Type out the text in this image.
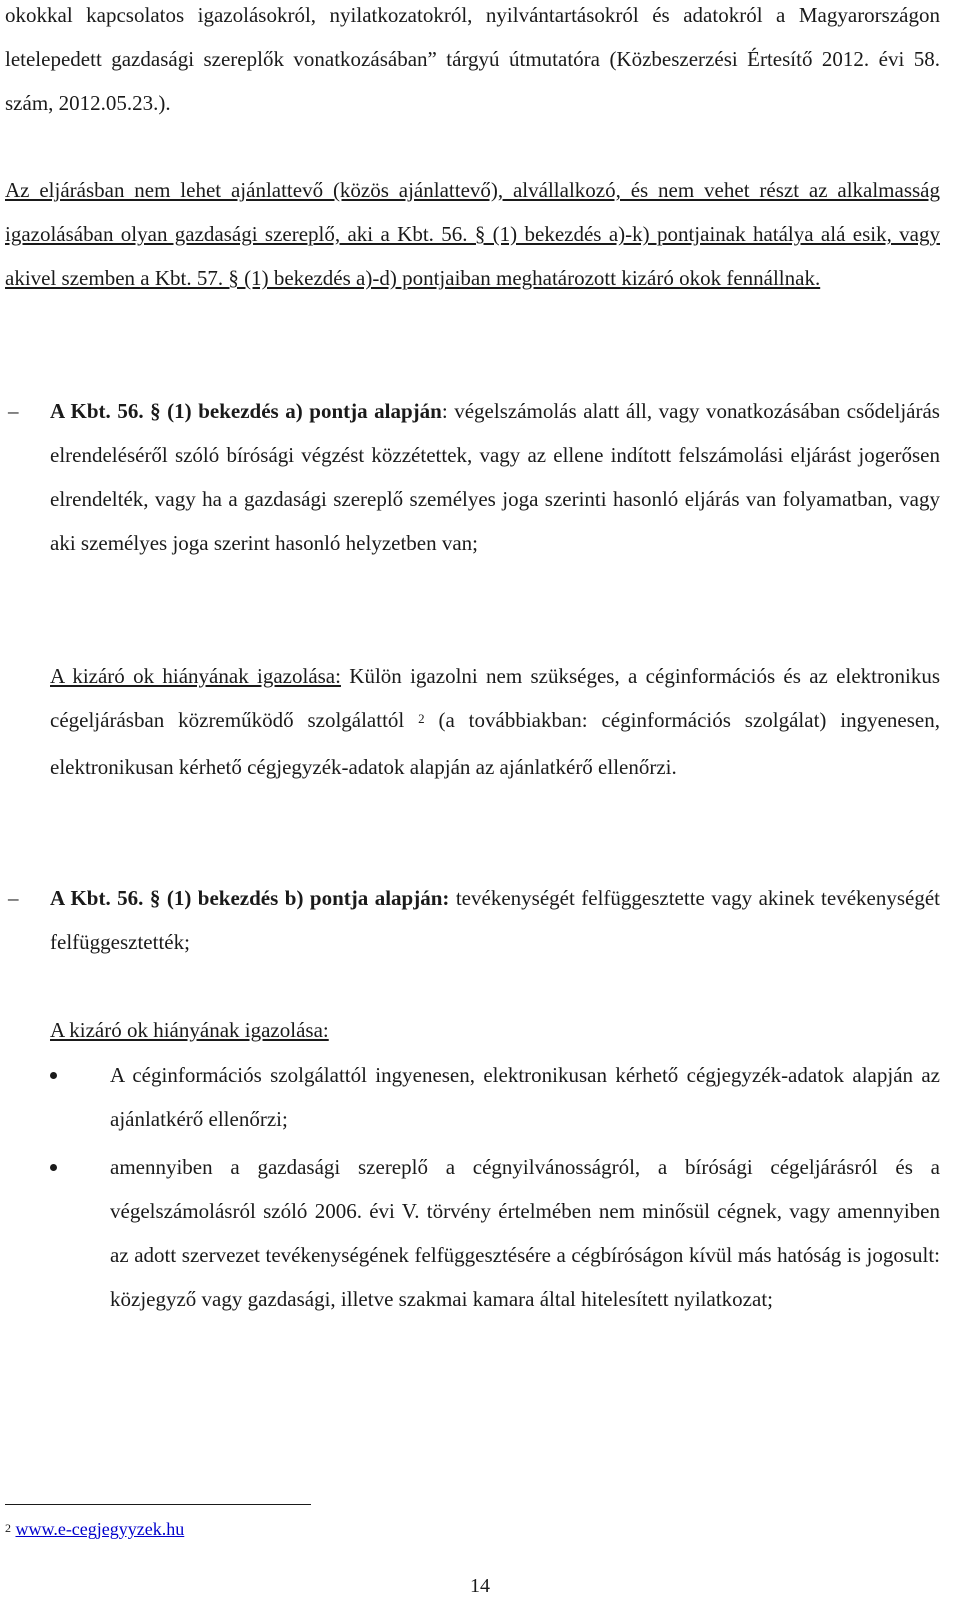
okokkal kapcsolatos igazolásokról, nyilatkozatokról, nyilvántartásokról és adatokról a Magyarországon letelepedett gazdasági szereplők vonatkozásában” tárgyú útmutatóra (Közbeszerzési Értesítő 2012. évi 58. szám, 2012.05.23.).

Az eljárásban nem lehet ajánlattevő (közös ajánlattevő), alvállalkozó, és nem vehet részt az alkalmasság igazolásában olyan gazdasági szereplő, aki a Kbt. 56. § (1) bekezdés a)-k) pontjainak hatálya alá esik, vagy akivel szemben a Kbt. 57. § (1) bekezdés a)-d) pontjaiban meghatározott kizáró okok fennállnak.

– A Kbt. 56. § (1) bekezdés a) pontja alapján: végelszámolás alatt áll, vagy vonatkozásában csődeljárás elrendeléséről szóló bírósági végzést közzétettek, vagy az ellene indított felszámolási eljárást jogerősen elrendelték, vagy ha a gazdasági szereplő személyes joga szerinti hasonló eljárás van folyamatban, vagy aki személyes joga szerint hasonló helyzetben van;
A kizáró ok hiányának igazolása: Külön igazolni nem szükséges, a céginformációs és az elektronikus cégeljárásban közreműködő szolgálattól $^2$ (a továbbiakban: céginformációs szolgálat) ingyenesen, elektronikusan kérhető cégjegyzék-adatok alapján az ajánlatkérő ellenőrzi.
– A Kbt. 56. § (1) bekezdés b) pontja alapján: tevékenységét felfüggesztette vagy akinek tevékenységét felfüggesztették;

A kizáró ok hiányának igazolása:

A céginformációs szolgálattól ingyenesen, elektronikusan kérhető cégjegyzék-adatok alapján az ajánlatkérő ellenőrzi;
amennyiben a gazdasági szereplő a cégnyilvánosságról, a bírósági cégeljárásról és a végelszámolásról szóló 2006. évi V. törvény értelmében nem minősül cégnek, vagy amennyiben az adott szervezet tevékenységének felfüggesztésére a cégbíróságon kívül más hatóság is jogosult: közjegyző vagy gazdasági, illetve szakmai kamara által hitelesített nyilatkozat;
$^2$ www.e-cegjegyyzek.hu
14
